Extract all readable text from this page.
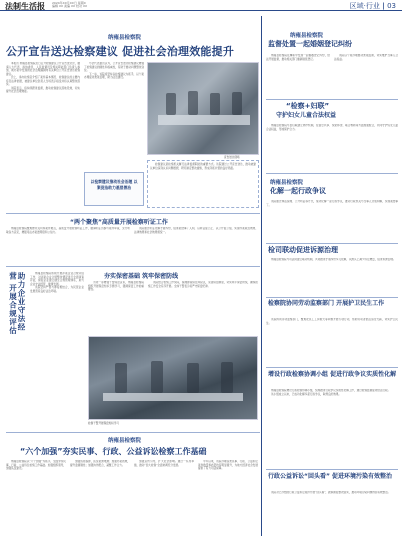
法制生活报 2024年XX月XX日 星期X
编辑 XX 美编 XX 校对 XX	区域·行业 | 03
纳雍县检察院
公开宣告送达检察建议 促进社会治理效能提升

本报讯 纳雍县检察院近日召开检察建议公开宣告送达会，邀请人大代表、政协委员、人民监督员及相关职能部门负责人参加，就办案中发现的社会治理漏洞向有关单位公开宣告送达检察建议。

会上，承办检察官介绍了案件基本情况、检察建议的主要内容及法律依据，被建议单位负责人当场表示接受并将认真整改落实。

该院表示，将持续跟进监督，推动检察建议落地见效，切实提升社会治理效能。

与会代表委员认为，公开宣告送达检察建议增强了检察建议的刚性和权威性，有助于推动问题整改到位。

下一步，该院将坚持以检察建议为抓手，以个案办理促进类案治理，助力法治建设。

宣告送达现场
以检察建议推动社会治理 以案促治助力基层善治

检察建议是检察机关履行法律监督职能的重要方式。该院通过公开宣告送达，推动被建议单位深刻认识问题根源，研究制定整改措施，形成齐抓共管的良好局面。

“两个聚焦”高质量开展检察听证工作

纳雍县检察院聚焦群众关切和案件难点，高质量开展检察听证工作，邀请听证员参与案件审查，充分听取各方意见，增强司法办案透明度和公信力。

该院通过听证化解矛盾纠纷，促进案结事了人和，以听证促公正、以公开促公信，实现办案政治效果、法律效果和社会效果相统一。

助力企业守法经营 开展合规评估	纳雍县检察院积极开展涉案企业合规评估工作，对涉案企业合规整改情况进行全面审查评估，督促企业建立健全合规管理体系，助力企业守法经营、健康发展。

该院坚持严管与厚爱相结合，为民营企业发展营造良好法治环境。

夯实保密基础 筑牢保密防线

为进一步增强干警保密意识，纳雍县检察院组织开展保密知识专题学习，强调保密工作的重要性。

该院结合检察工作实际，梳理排查保密风险点，完善保密制度，切实筑牢保密防线，确保检察工作安全有序开展。全体干警表示将严守保密纪律。

检察干警开展保密知识学习
纳雍县检察院
“六个加强”夯实民事、行政、公益诉讼检察工作基础

纳雍县检察院以“六个加强”为抓手，全面夯实民事、行政、公益诉讼检察工作基础。加强组织领导，加强队伍建设。

加强线索摸排，拓宽案源渠道；加强办案质效，提升监督刚性；加强协作配合，凝聚工作合力。

加强宣传引导，扩大社会影响。通过一系列举措，推动“四大检察”全面协调充分发展。

今年以来，该院办理各类民事、行政、公益诉讼案件数量和质量均有明显提升，为地方经济社会发展提供了有力司法保障。

纳雍县检察院
监督处置一起婚姻登记纠纷

纳雍县检察院在履职中发现一起婚姻登记纠纷，依法开展监督，推动相关部门撤销错误登记。

该院以个案办理推动类案监督，切实维护当事人合法权益。

“检察+妇联”
守护妇女儿童合法权益

纳雍县检察院与县妇联建立协作机制，在信息共享、线索移送、联合救助等方面加强配合，共同守护妇女儿童合法权益，形成保护合力。

纳雍县检察院
化解一起行政争议

该院通过释法说理、公开听证等方式，成功化解一起行政争议，推动行政机关与当事人达成和解，实现案结事了。

检司联动促进诉源治理

纳雍县检察院与司法局建立联动机制，共同推进矛盾纠纷多元化解，从源头上减少诉讼增量，促进诉源治理。

检察院协同劳动监察部门 开展护卫民生工作

该院协同劳动监察部门，聚焦农民工工资拖欠等问题开展专项行动，帮助劳动者依法追讨欠薪，切实护卫民生。

增设行政检察协调小组 促进行政争议实质性化解

纳雍县检察院增设行政检察协调小组，统筹推进行政争议实质性化解工作，通过检察监督促进依法行政。

该小组成立以来，已成功化解多起行政争议，取得良好效果。

行政公益诉讼“回头看” 促进环境污染有效整治

该院对已办结的行政公益诉讼案件开展“回头看”，跟踪督促整改落实，推动环境污染问题得到有效整治。
